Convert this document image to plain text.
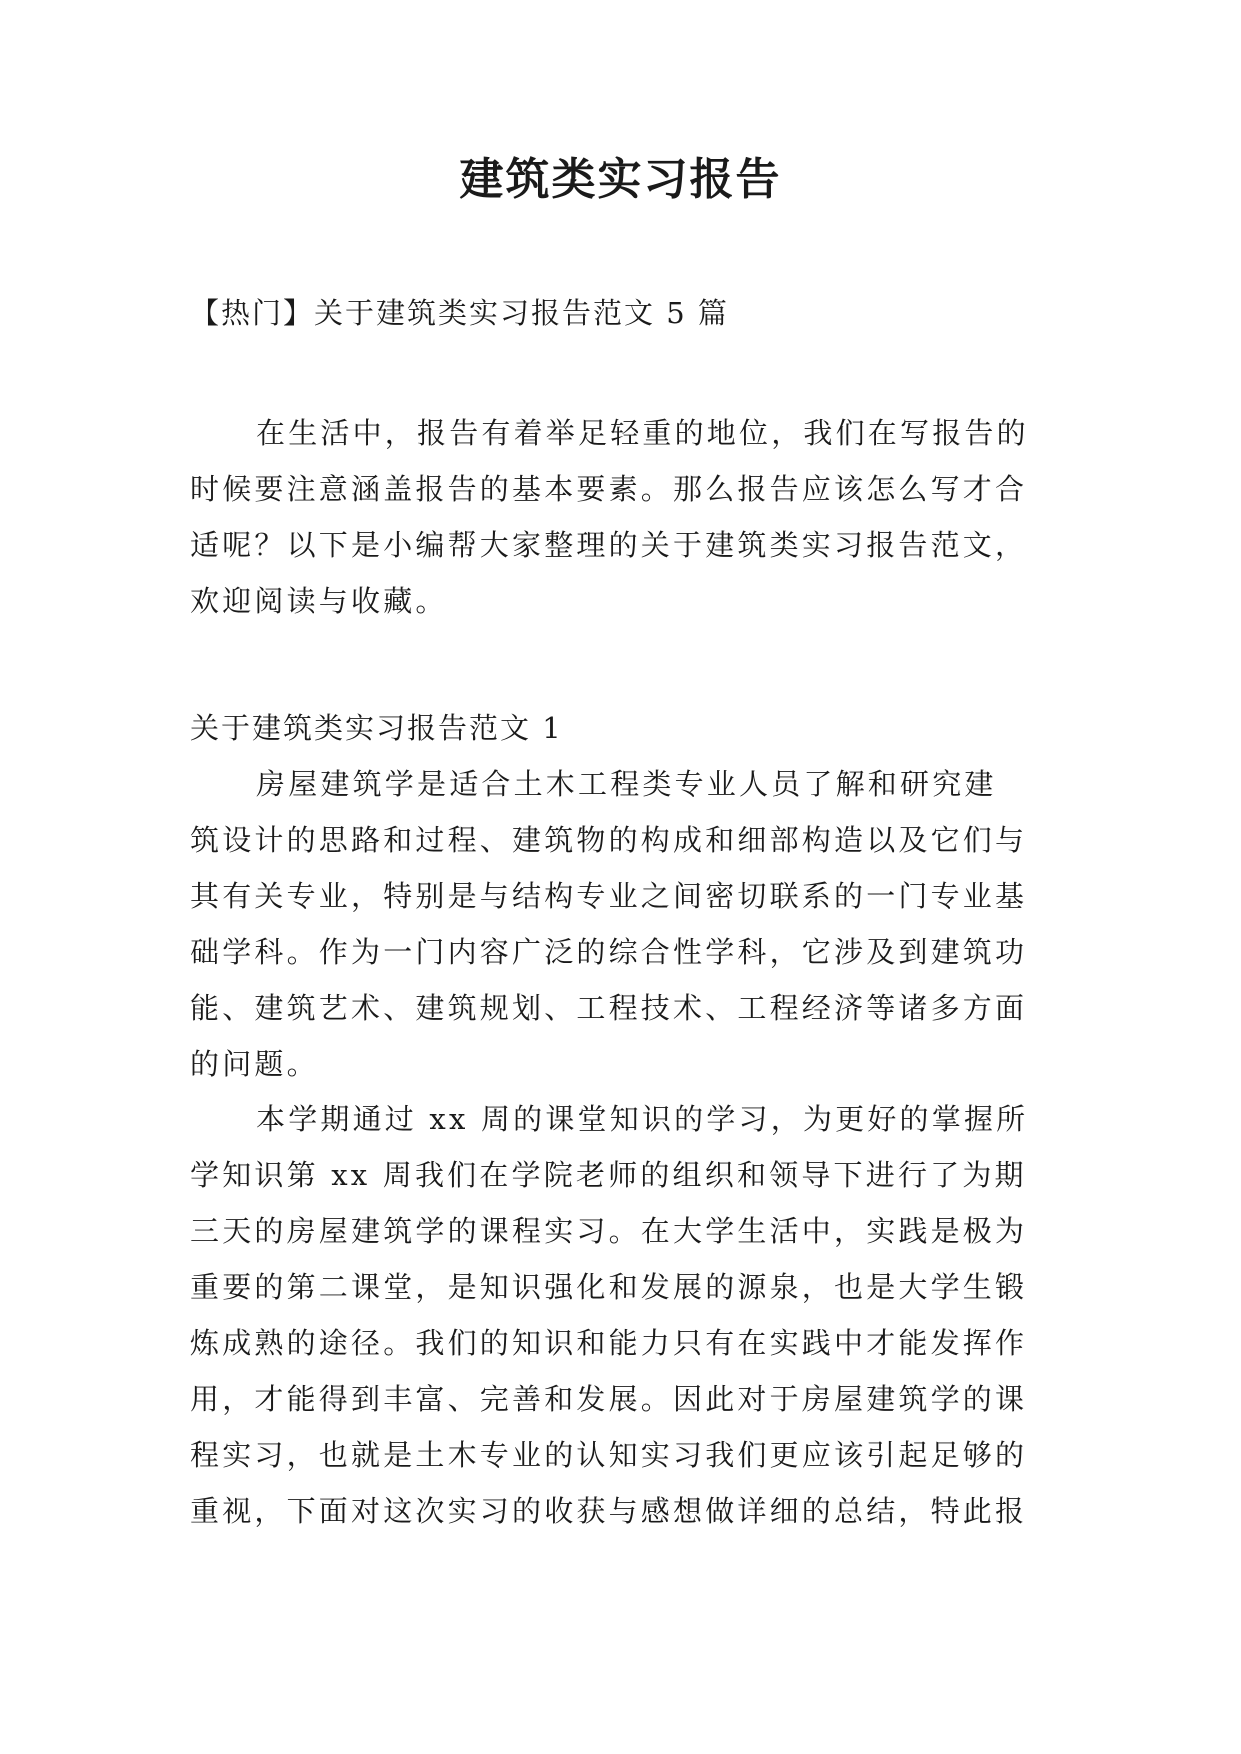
建筑类实习报告

【热门】关于建筑类实习报告范文 5 篇

在生活中，报告有着举足轻重的地位，我们在写报告的
时候要注意涵盖报告的基本要素。那么报告应该怎么写才合
适呢？以下是小编帮大家整理的关于建筑类实习报告范文，
欢迎阅读与收藏。

关于建筑类实习报告范文 1

房屋建筑学是适合土木工程类专业人员了解和研究建
筑设计的思路和过程、建筑物的构成和细部构造以及它们与
其有关专业，特别是与结构专业之间密切联系的一门专业基
础学科。作为一门内容广泛的综合性学科，它涉及到建筑功
能、建筑艺术、建筑规划、工程技术、工程经济等诸多方面
的问题。
本学期通过 xx 周的课堂知识的学习，为更好的掌握所
学知识第 xx 周我们在学院老师的组织和领导下进行了为期
三天的房屋建筑学的课程实习。在大学生活中，实践是极为
重要的第二课堂，是知识强化和发展的源泉，也是大学生锻
炼成熟的途径。我们的知识和能力只有在实践中才能发挥作
用，才能得到丰富、完善和发展。因此对于房屋建筑学的课
程实习，也就是土木专业的认知实习我们更应该引起足够的
重视，下面对这次实习的收获与感想做详细的总结，特此报
